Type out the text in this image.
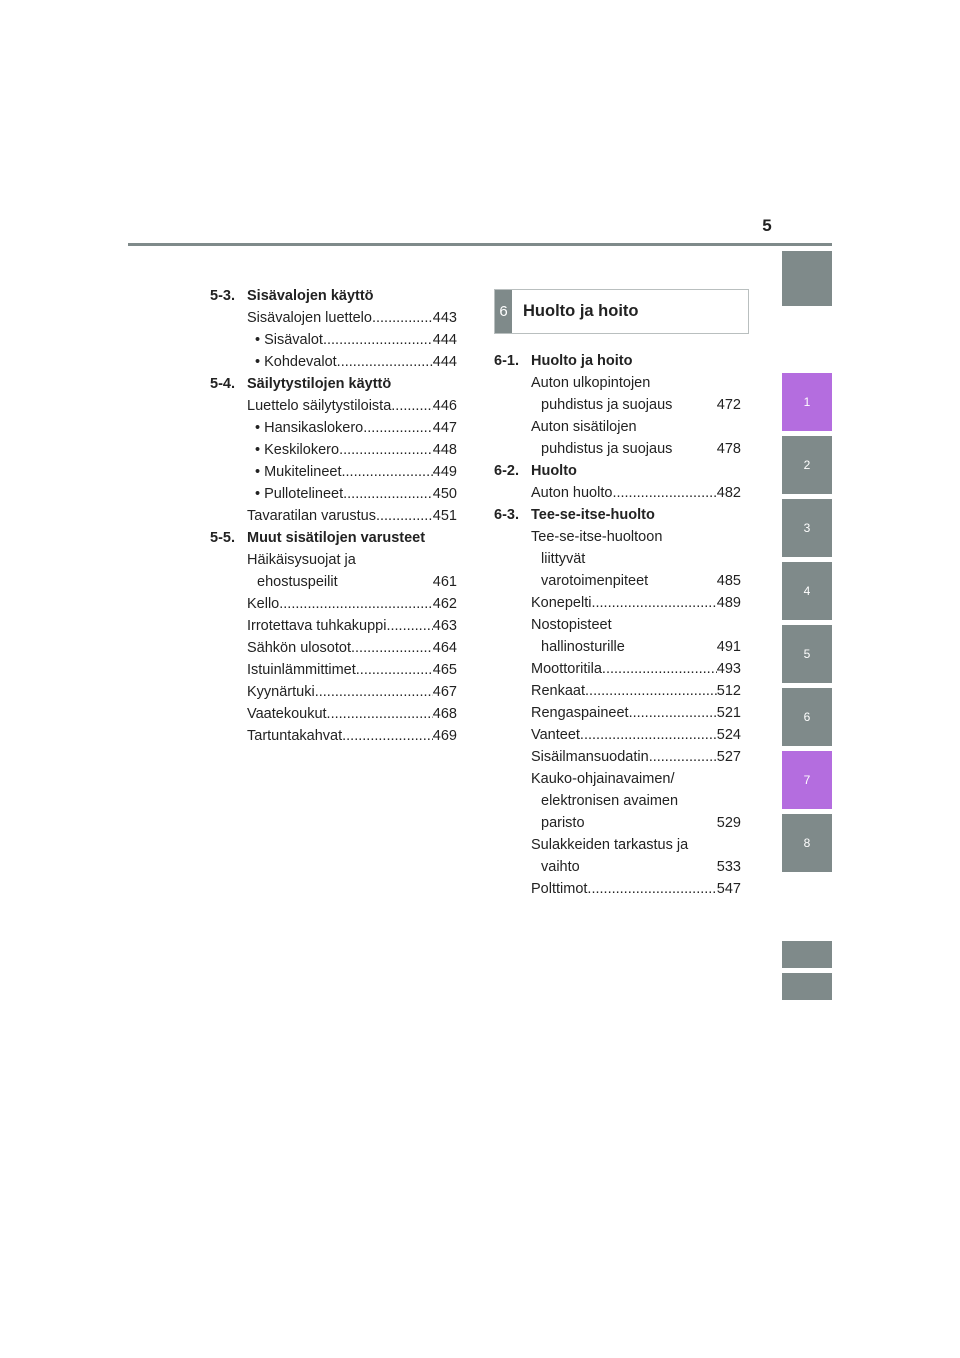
5
5-3. Sisävalojen käyttö
Sisävalojen luettelo .....	443
• Sisävalot .....	444
• Kohdevalot .....	444
5-4. Säilytystilojen käyttö
Luettelo säilytystiloista .....	446
• Hansikaslokero .....	447
• Keskilokero .....	448
• Mukitelineet .....	449
• Pullotelineet .....	450
Tavaratilan varustus .....	451
5-5. Muut sisätilojen varusteet
Häikäisysuojat ja
ehostuspeilit	461
Kello .....	462
Irrotettava tuhkakuppi .....	463
Sähkön ulosotot .....	464
Istuinlämmittimet .....	465
Kyynärtuki .....	467
Vaatekoukut .....	468
Tartuntakahvat .....	469
6 Huolto ja hoito
6-1. Huolto ja hoito
Auton ulkopintojen
puhdistus ja suojaus	472
Auton sisätilojen
puhdistus ja suojaus	478
6-2. Huolto
Auton huolto .....	482
6-3. Tee-se-itse-huolto
Tee-se-itse-huoltoon
liittyvät
varotoimenpiteet	485
Konepelti .....	489
Nostopisteet
hallinosturille	491
Moottoritila .....	493
Renkaat .....	512
Rengaspaineet .....	521
Vanteet .....	524
Sisäilmansuodatin .....	527
Kauko-ohjainavaimen/
elektronisen avaimen
paristo	529
Sulakkeiden tarkastus ja
vaihto	533
Polttimot .....	547
1
2
3
4
5
6
7
8
